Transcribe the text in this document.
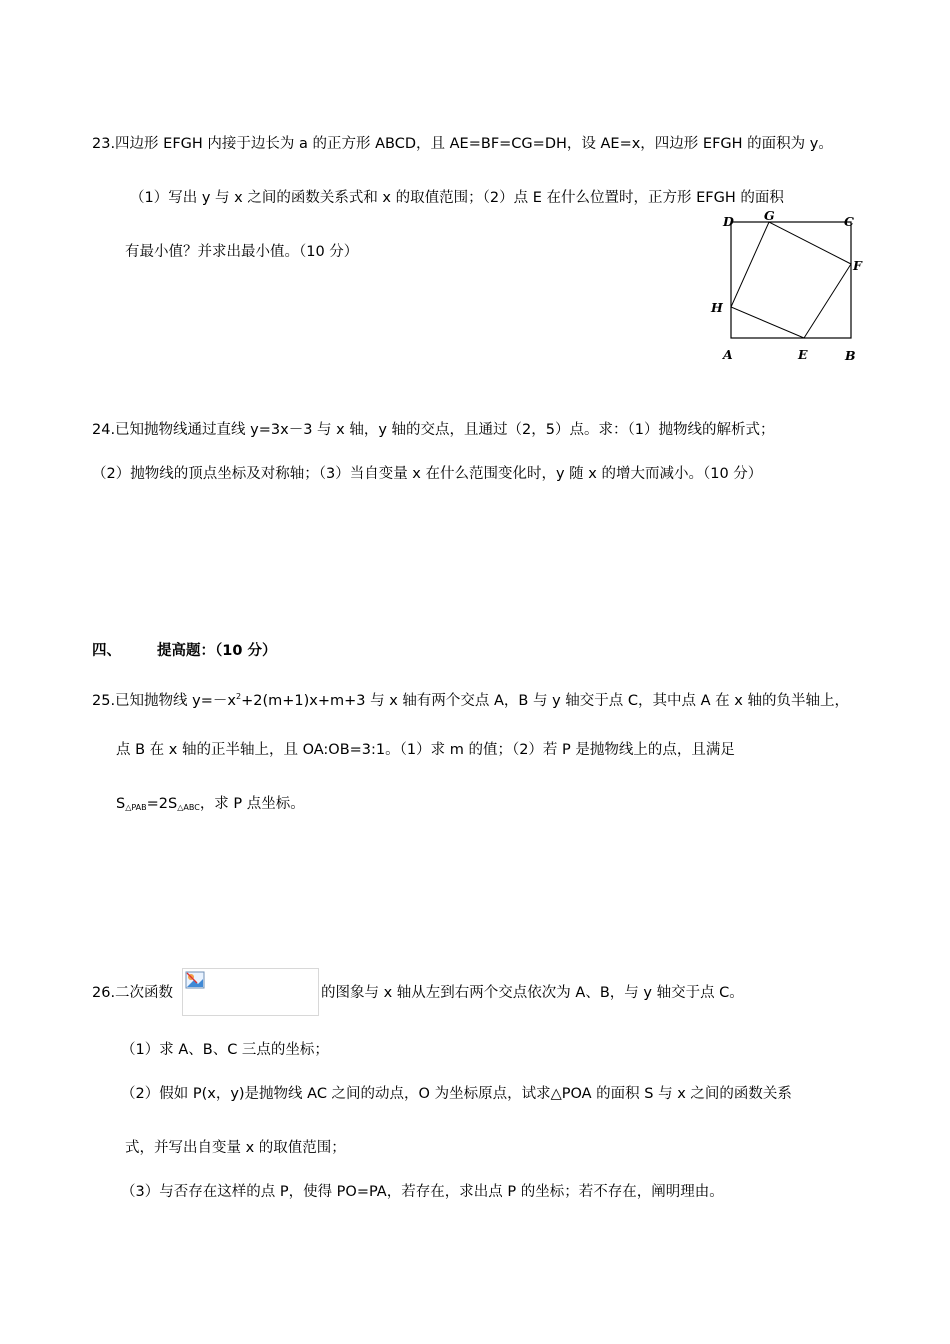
23.四边形 EFGH 内接于边长为 a 的正方形 ABCD，且 AE=BF=CG=DH，设 AE=x，四边形 EFGH 的面积为 y。
（1）写出 y 与 x 之间的函数关系式和 x 的取值范围；（2）点 E 在什么位置时，正方形 EFGH 的面积
有最小值？并求出最小值。（10 分）
D G	C
F
H
A	E	B
24.已知抛物线通过直线 y=3x－3 与 x 轴，y 轴的交点，且通过（2，5）点。求：（1）抛物线的解析式；
（2）抛物线的顶点坐标及对称轴；（3）当自变量 x 在什么范围变化时，y 随 x 的增大而减小。（10 分）
四、 提高题：（10 分）
25.已知抛物线 $y=-x^2+2(m+1)x+m+3$ 与 x 轴有两个交点 A，B 与 y 轴交于点 C，其中点 A 在 x 轴的负半轴上，
点 B 在 x 轴的正半轴上，且 OA:OB=3:1。（1）求 m 的值；（2）若 P 是抛物线上的点，且满足
$S_{\triangle PAB}=2S_{\triangle ABC}$，求 P 点坐标。
26.二次函数	的图象与 x 轴从左到右两个交点依次为 A、B，与 y 轴交于点 C。
（1）求 A、B、C 三点的坐标；
（2）假如 P(x，y)是抛物线 AC 之间的动点，O 为坐标原点，试求△POA 的面积 S 与 x 之间的函数关系
式，并写出自变量 x 的取值范围；
（3）与否存在这样的点 P，使得 PO=PA，若存在，求出点 P 的坐标；若不存在，阐明理由。
